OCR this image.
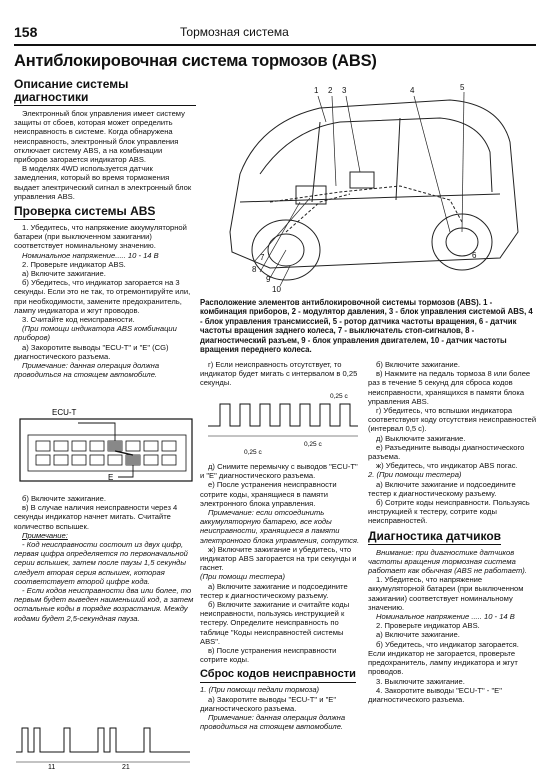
158	Тормозная система
Антиблокировочная система тормозов (ABS)
Описание системы диагностики

Электронный блок управления имеет систему защиты от сбоев, которая может определить неисправность в системе. Когда обнаружена неисправность, электронный блок управления отключает систему ABS, а на комбинации приборов загорается индикатор ABS.

В моделях 4WD используется датчик замедления, который во время торможения выдает электрический сигнал в электронный блок управления ABS.

Проверка системы ABS

1. Убедитесь, что напряжение аккумуляторной батареи (при выключенном зажигании) соответствует номинальному значению.

Номинальное напряжение..... 10 - 14 В

2. Проверьте индикатор ABS.

а) Включите зажигание.

б) Убедитесь, что индикатор загорается на 3 секунды. Если это не так, то отремонтируйте или, при необходимости, замените предохранитель, лампу индикатора и жгут проводов.

3. Считайте код неисправности.

(При помощи индикатора ABS комбинации приборов)

а) Закоротите выводы "ECU-T" и "E" (CG) диагностического разъема.

Примечание: данная операция должна проводиться на стоящем автомобиле.

ECU-T
E

б) Включите зажигание.

в) В случае наличия неисправности через 4 секунды индикатор начнет мигать. Считайте количество вспышек.

Примечание:

- Код неисправности состоит из двух цифр, первая цифра определяется по первоначальной серии вспышек, затем после паузы 1,5 секунды следует вторая серия вспышек, которая соответствует второй цифре кода.

- Если кодов неисправности два или более, то первым будет выведен наименьший код, а затем остальные коды в порядке возрастания. Между кодами будет 2,5-секундная пауза.

11	21
1 2 3	4	5
6
7
8
9
10
Расположение элементов антиблокировочной системы тормозов (ABS). 1 - комбинация приборов, 2 - модулятор давления, 3 - блок управления системой ABS, 4 - блок управления трансмиссией, 5 - ротор датчика частоты вращения, 6 - датчик частоты вращения заднего колеса, 7 - выключатель стоп-сигналов, 8 - диагностический разъем, 9 - блок управления двигателем, 10 - датчик частоты вращения переднего колеса.

г) Если неисправность отсутствует, то индикатор будет мигать с интервалом в 0,25 секунды.

0,25 с
0,25 с
0,25 с

д) Снимите перемычку с выводов "ECU-T" и "E" диагностического разъема.

е) После устранения неисправности сотрите коды, хранящиеся в памяти электронного блока управления.

Примечание: если отсоединить аккумуляторную батарею, все коды неисправности, хранящиеся в памяти электронного блока управления, сотрутся.

ж) Включите зажигание и убедитесь, что индикатор ABS загорается на три секунды и гаснет.

(При помощи тестера)

а) Включите зажигание и подсоедините тестер к диагностическому разъему.

б) Включите зажигание и считайте коды неисправности, пользуясь инструкцией к тестеру. Определите неисправность по таблице "Коды неисправностей системы ABS".

в) После устранения неисправности сотрите коды.

Сброс кодов неисправности

1. (При помощи педали тормоза)

а) Закоротите выводы "ECU-T" и "E" диагностического разъема.

Примечание: данная операция должна проводиться на стоящем автомобиле.

б) Включите зажигание.

в) Нажмите на педаль тормоза 8 или более раз в течение 5 секунд для сброса кодов неисправности, хранящихся в памяти блока управления ABS.

г) Убедитесь, что вспышки индикатора соответствуют коду отсутствия неисправностей (интервал 0,5 с).

д) Выключите зажигание.

е) Разъедините выводы диагностического разъема.

ж) Убедитесь, что индикатор ABS погас.

2. (При помощи тестера)

а) Включите зажигание и подсоедините тестер к диагностическому разъему.

б) Сотрите коды неисправности. Пользуясь инструкцией к тестеру, сотрите коды неисправностей.

Диагностика датчиков

Внимание: при диагностике датчиков частоты вращения тормозная система работает как обычная (ABS не работает).

1. Убедитесь, что напряжение аккумуляторной батареи (при выключенном зажигании) соответствует номинальному значению.

Номинальное напряжение ..... 10 - 14 В

2. Проверьте индикатор ABS.

а) Включите зажигание.

б) Убедитесь, что индикатор загорается. Если индикатор не загорается, проверьте предохранитель, лампу индикатора и жгут проводов.

3. Выключите зажигание.

4. Закоротите выводы "ECU-T" - "E" диагностического разъема.
